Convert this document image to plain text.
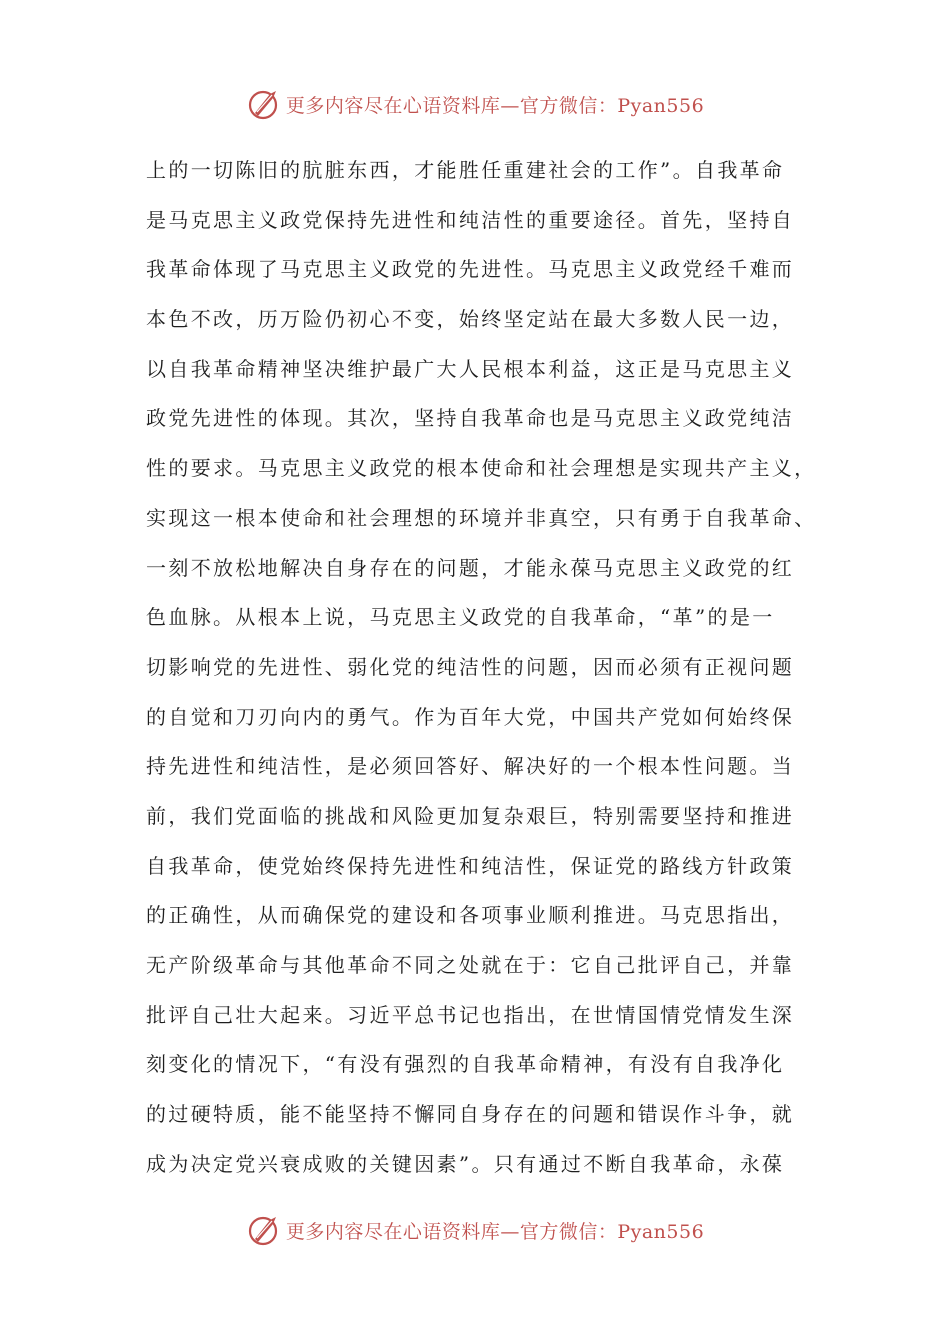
更多内容尽在心语资料库—官方微信：Pyan556
上的一切陈旧的肮脏东西，才能胜任重建社会的工作”。自我革命
是马克思主义政党保持先进性和纯洁性的重要途径。首先，坚持自
我革命体现了马克思主义政党的先进性。马克思主义政党经千难而
本色不改，历万险仍初心不变，始终坚定站在最大多数人民一边，
以自我革命精神坚决维护最广大人民根本利益，这正是马克思主义
政党先进性的体现。其次，坚持自我革命也是马克思主义政党纯洁
性的要求。马克思主义政党的根本使命和社会理想是实现共产主义，
实现这一根本使命和社会理想的环境并非真空，只有勇于自我革命、
一刻不放松地解决自身存在的问题，才能永葆马克思主义政党的红
色血脉。从根本上说，马克思主义政党的自我革命，“革”的是一
切影响党的先进性、弱化党的纯洁性的问题，因而必须有正视问题
的自觉和刀刃向内的勇气。作为百年大党，中国共产党如何始终保
持先进性和纯洁性，是必须回答好、解决好的一个根本性问题。当
前，我们党面临的挑战和风险更加复杂艰巨，特别需要坚持和推进
自我革命，使党始终保持先进性和纯洁性，保证党的路线方针政策
的正确性，从而确保党的建设和各项事业顺利推进。马克思指出，
无产阶级革命与其他革命不同之处就在于：它自己批评自己，并靠
批评自己壮大起来。习近平总书记也指出，在世情国情党情发生深
刻变化的情况下，“有没有强烈的自我革命精神，有没有自我净化
的过硬特质，能不能坚持不懈同自身存在的问题和错误作斗争，就
成为决定党兴衰成败的关键因素”。只有通过不断自我革命，永葆
更多内容尽在心语资料库—官方微信：Pyan556
